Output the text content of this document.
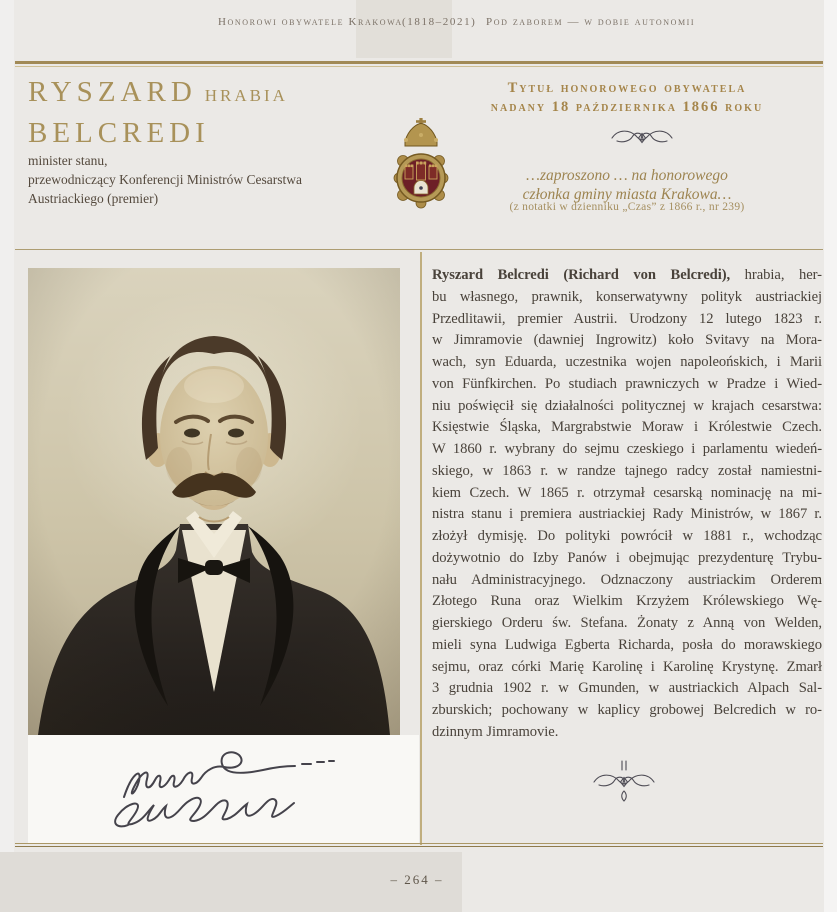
Honorowi obywatele Krakowa (1818–2021) Pod zaborem — w dobie autonomii
RYSZARD HRABIA
BELCREDI
minister stanu,
przewodniczący Konferencji Ministrów Cesarstwa
Austriackiego (premier)
Tytuł honorowego obywatela
nadany 18 października 1866 roku
…zaproszono … na honorowego
członka gminy miasta Krakowa…
(z notatki w dzienniku „Czas” z 1866 r., nr 239)
Ryszard Belcredi (Richard von Belcredi), hrabia, her-
bu własnego, prawnik, konserwatywny polityk austriackiej
Przedlitawii, premier Austrii. Urodzony 12 lutego 1823 r.
w Jimramovie (dawniej Ingrowitz) koło Svitavy na Mora-
wach, syn Eduarda, uczestnika wojen napoleońskich, i Marii
von Fünfkirchen. Po studiach prawniczych w Pradze i Wied-
niu poświęcił się działalności politycznej w krajach cesarstwa:
Księstwie Śląska, Margrabstwie Moraw i Królestwie Czech.
W 1860 r. wybrany do sejmu czeskiego i parlamentu wiedeń-
skiego, w 1863 r. w randze tajnego radcy został namiestni-
kiem Czech. W 1865 r. otrzymał cesarską nominację na mi-
nistra stanu i premiera austriackiej Rady Ministrów, w 1867 r.
złożył dymisję. Do polityki powrócił w 1881 r., wchodząc
dożywotnio do Izby Panów i obejmując prezydenturę Trybu-
nału Administracyjnego. Odznaczony austriackim Orderem
Złotego Runa oraz Wielkim Krzyżem Królewskiego Wę-
gierskiego Orderu św. Stefana. Żonaty z Anną von Welden,
mieli syna Ludwiga Egberta Richarda, posła do morawskiego
sejmu, oraz córki Marię Karolinę i Karolinę Krystynę. Zmarł
3 grudnia 1902 r. w Gmunden, w austriackich Alpach Sal-
zburskich; pochowany w kaplicy grobowej Belcredich w ro-
dzinnym Jimramovie.
– 264 –
